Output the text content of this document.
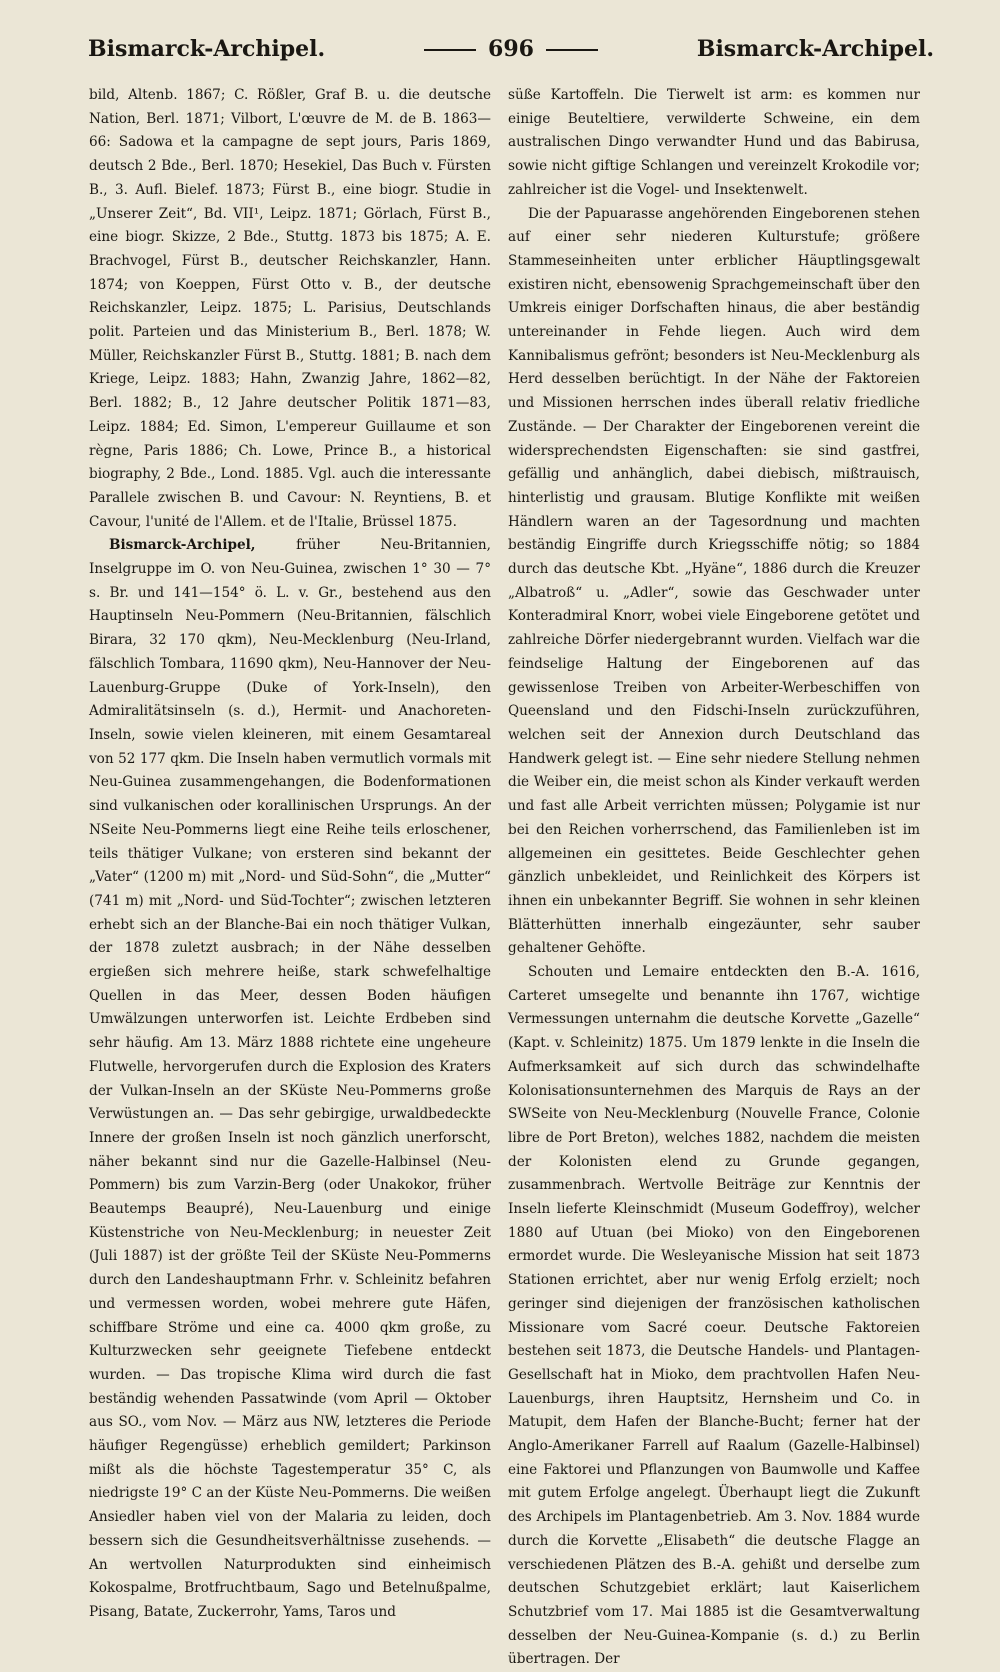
Bismarck-Archipel.	696	Bismarck-Archipel.

bild, Altenb. 1867; C. Rößler, Graf B. u. die deutsche Nation, Berl. 1871; Vilbort, L'œuvre de M. de B. 1863—66: Sadowa et la campagne de sept jours, Paris 1869, deutsch 2 Bde., Berl. 1870; Hesekiel, Das Buch v. Fürsten B., 3. Aufl. Bielef. 1873; Fürst B., eine biogr. Studie in „Unserer Zeit“, Bd. VII¹, Leipz. 1871; Görlach, Fürst B., eine biogr. Skizze, 2 Bde., Stuttg. 1873 bis 1875; A. E. Brachvogel, Fürst B., deutscher Reichskanzler, Hann. 1874; von Koeppen, Fürst Otto v. B., der deutsche Reichskanzler, Leipz. 1875; L. Parisius, Deutschlands polit. Parteien und das Ministerium B., Berl. 1878; W. Müller, Reichskanzler Fürst B., Stuttg. 1881; B. nach dem Kriege, Leipz. 1883; Hahn, Zwanzig Jahre, 1862—82, Berl. 1882; B., 12 Jahre deutscher Politik 1871—83, Leipz. 1884; Ed. Simon, L'empereur Guillaume et son règne, Paris 1886; Ch. Lowe, Prince B., a historical biography, 2 Bde., Lond. 1885. Vgl. auch die interessante Parallele zwischen B. und Cavour: N. Reyntiens, B. et Cavour, l'unité de l'Allem. et de l'Italie, Brüssel 1875.

Bismarck-Archipel, früher Neu-Britannien, Inselgruppe im O. von Neu-Guinea, zwischen 1° 30 — 7° s. Br. und 141—154° ö. L. v. Gr., bestehend aus den Hauptinseln Neu-Pommern (Neu-Britannien, fälschlich Birara, 32 170 qkm), Neu-Mecklenburg (Neu-Irland, fälschlich Tombara, 11690 qkm), Neu-Hannover der Neu-Lauenburg-Gruppe (Duke of York-Inseln), den Admiralitätsinseln (s. d.), Hermit- und Anachoreten-Inseln, sowie vielen kleineren, mit einem Gesamtareal von 52 177 qkm. Die Inseln haben vermutlich vormals mit Neu-Guinea zusammengehangen, die Bodenformationen sind vulkanischen oder korallinischen Ursprungs. An der NSeite Neu-Pommerns liegt eine Reihe teils erloschener, teils thätiger Vulkane; von ersteren sind bekannt der „Vater“ (1200 m) mit „Nord- und Süd-Sohn“, die „Mutter“ (741 m) mit „Nord- und Süd-Tochter“; zwischen letzteren erhebt sich an der Blanche-Bai ein noch thätiger Vulkan, der 1878 zuletzt ausbrach; in der Nähe desselben ergießen sich mehrere heiße, stark schwefelhaltige Quellen in das Meer, dessen Boden häufigen Umwälzungen unterworfen ist. Leichte Erdbeben sind sehr häufig. Am 13. März 1888 richtete eine ungeheure Flutwelle, hervorgerufen durch die Explosion des Kraters der Vulkan-Inseln an der SKüste Neu-Pommerns große Verwüstungen an. — Das sehr gebirgige, urwaldbedeckte Innere der großen Inseln ist noch gänzlich unerforscht, näher bekannt sind nur die Gazelle-Halbinsel (Neu-Pommern) bis zum Varzin-Berg (oder Unakokor, früher Beautemps Beaupré), Neu-Lauenburg und einige Küstenstriche von Neu-Mecklenburg; in neuester Zeit (Juli 1887) ist der größte Teil der SKüste Neu-Pommerns durch den Landeshauptmann Frhr. v. Schleinitz befahren und vermessen worden, wobei mehrere gute Häfen, schiffbare Ströme und eine ca. 4000 qkm große, zu Kulturzwecken sehr geeignete Tiefebene entdeckt wurden. — Das tropische Klima wird durch die fast beständig wehenden Passatwinde (vom April — Oktober aus SO., vom Nov. — März aus NW, letzteres die Periode häufiger Regengüsse) erheblich gemildert; Parkinson mißt als die höchste Tagestemperatur 35° C, als niedrigste 19° C an der Küste Neu-Pommerns. Die weißen Ansiedler haben viel von der Malaria zu leiden, doch bessern sich die Gesundheitsverhältnisse zusehends. — An wertvollen Naturprodukten sind einheimisch Kokospalme, Brotfruchtbaum, Sago und Betelnußpalme, Pisang, Batate, Zuckerrohr, Yams, Taros und

süße Kartoffeln. Die Tierwelt ist arm: es kommen nur einige Beuteltiere, verwilderte Schweine, ein dem australischen Dingo verwandter Hund und das Babirusa, sowie nicht giftige Schlangen und vereinzelt Krokodile vor; zahlreicher ist die Vogel- und Insektenwelt.

Die der Papuarasse angehörenden Eingeborenen stehen auf einer sehr niederen Kulturstufe; größere Stammeseinheiten unter erblicher Häuptlingsgewalt existiren nicht, ebensowenig Sprachgemeinschaft über den Umkreis einiger Dorfschaften hinaus, die aber beständig untereinander in Fehde liegen. Auch wird dem Kannibalismus gefrönt; besonders ist Neu-Mecklenburg als Herd desselben berüchtigt. In der Nähe der Faktoreien und Missionen herrschen indes überall relativ friedliche Zustände. — Der Charakter der Eingeborenen vereint die widersprechendsten Eigenschaften: sie sind gastfrei, gefällig und anhänglich, dabei diebisch, mißtrauisch, hinterlistig und grausam. Blutige Konflikte mit weißen Händlern waren an der Tagesordnung und machten beständig Eingriffe durch Kriegsschiffe nötig; so 1884 durch das deutsche Kbt. „Hyäne“, 1886 durch die Kreuzer „Albatroß“ u. „Adler“, sowie das Geschwader unter Konteradmiral Knorr, wobei viele Eingeborene getötet und zahlreiche Dörfer niedergebrannt wurden. Vielfach war die feindselige Haltung der Eingeborenen auf das gewissenlose Treiben von Arbeiter-Werbeschiffen von Queensland und den Fidschi-Inseln zurückzuführen, welchen seit der Annexion durch Deutschland das Handwerk gelegt ist. — Eine sehr niedere Stellung nehmen die Weiber ein, die meist schon als Kinder verkauft werden und fast alle Arbeit verrichten müssen; Polygamie ist nur bei den Reichen vorherrschend, das Familienleben ist im allgemeinen ein gesittetes. Beide Geschlechter gehen gänzlich unbekleidet, und Reinlichkeit des Körpers ist ihnen ein unbekannter Begriff. Sie wohnen in sehr kleinen Blätterhütten innerhalb eingezäunter, sehr sauber gehaltener Gehöfte.

Schouten und Lemaire entdeckten den B.-A. 1616, Carteret umsegelte und benannte ihn 1767, wichtige Vermessungen unternahm die deutsche Korvette „Gazelle“ (Kapt. v. Schleinitz) 1875. Um 1879 lenkte in die Inseln die Aufmerksamkeit auf sich durch das schwindelhafte Kolonisationsunternehmen des Marquis de Rays an der SWSeite von Neu-Mecklenburg (Nouvelle France, Colonie libre de Port Breton), welches 1882, nachdem die meisten der Kolonisten elend zu Grunde gegangen, zusammenbrach. Wertvolle Beiträge zur Kenntnis der Inseln lieferte Kleinschmidt (Museum Godeffroy), welcher 1880 auf Utuan (bei Mioko) von den Eingeborenen ermordet wurde. Die Wesleyanische Mission hat seit 1873 Stationen errichtet, aber nur wenig Erfolg erzielt; noch geringer sind diejenigen der französischen katholischen Missionare vom Sacré coeur. Deutsche Faktoreien bestehen seit 1873, die Deutsche Handels- und Plantagen-Gesellschaft hat in Mioko, dem prachtvollen Hafen Neu-Lauenburgs, ihren Hauptsitz, Hernsheim und Co. in Matupit, dem Hafen der Blanche-Bucht; ferner hat der Anglo-Amerikaner Farrell auf Raalum (Gazelle-Halbinsel) eine Faktorei und Pflanzungen von Baumwolle und Kaffee mit gutem Erfolge angelegt. Überhaupt liegt die Zukunft des Archipels im Plantagenbetrieb. Am 3. Nov. 1884 wurde durch die Korvette „Elisabeth“ die deutsche Flagge an verschiedenen Plätzen des B.-A. gehißt und derselbe zum deutschen Schutzgebiet erklärt; laut Kaiserlichem Schutzbrief vom 17. Mai 1885 ist die Gesamtverwaltung desselben der Neu-Guinea-Kompanie (s. d.) zu Berlin übertragen. Der
